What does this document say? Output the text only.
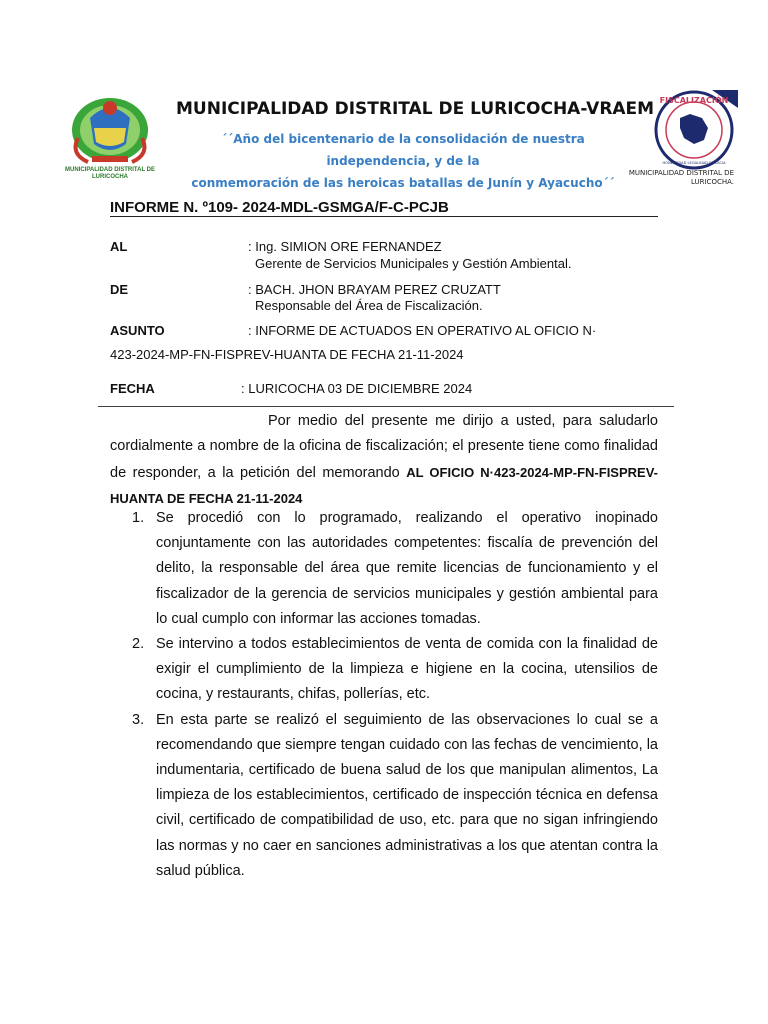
MUNICIPALIDAD DISTRITAL DE LURICOCHA
MUNICIPALIDAD DISTRITAL DE LURICOCHA-VRAEM
´´Año del bicentenario de la consolidación de nuestra independencia, y de la
conmemoración de las heroicas batallas de Junín y Ayacucho´´
FISCALIZACIÓN
HONESTIDAD LEGALIDAD EFICACIA
MUNICIPALIDAD DISTRITAL DE
LURICOCHA.
INFORME N. º109- 2024-MDL-GSMGA/F-C-PCJB
AL	: Ing. SIMION ORE FERNANDEZ
Gerente de Servicios Municipales y Gestión Ambiental.
DE	: BACH. JHON BRAYAM PEREZ CRUZATT
Responsable del Área de Fiscalización.
ASUNTO	: INFORME DE ACTUADOS EN OPERATIVO AL OFICIO N·
423-2024-MP-FN-FISPREV-HUANTA DE FECHA 21-11-2024
FECHA	: LURICOCHA 03 DE DICIEMBRE 2024
Por medio del presente me dirijo a usted, para saludarlo cordialmente a nombre de la oficina de fiscalización; el presente tiene como finalidad de responder, a la petición del memorando AL OFICIO N·423-2024-MP-FN-FISPREV-HUANTA DE FECHA 21-11-2024
1. Se procedió con lo programado, realizando el operativo inopinado conjuntamente con las autoridades competentes: fiscalía de prevención del delito, la responsable del área que remite licencias de funcionamiento y el fiscalizador de la gerencia de servicios municipales y gestión ambiental para lo cual cumplo con informar las acciones tomadas.
2. Se intervino a todos establecimientos de venta de comida con la finalidad de exigir el cumplimiento de la limpieza e higiene en la cocina, utensilios de cocina, y restaurants, chifas, pollerías, etc.
3. En esta parte se realizó el seguimiento de las observaciones lo cual se a recomendando que siempre tengan cuidado con las fechas de vencimiento, la indumentaria, certificado de buena salud de los que manipulan alimentos, La limpieza de los establecimientos, certificado de inspección técnica en defensa civil, certificado de compatibilidad de uso, etc. para que no sigan infringiendo las normas y no caer en sanciones administrativas a los que atentan contra la salud pública.
